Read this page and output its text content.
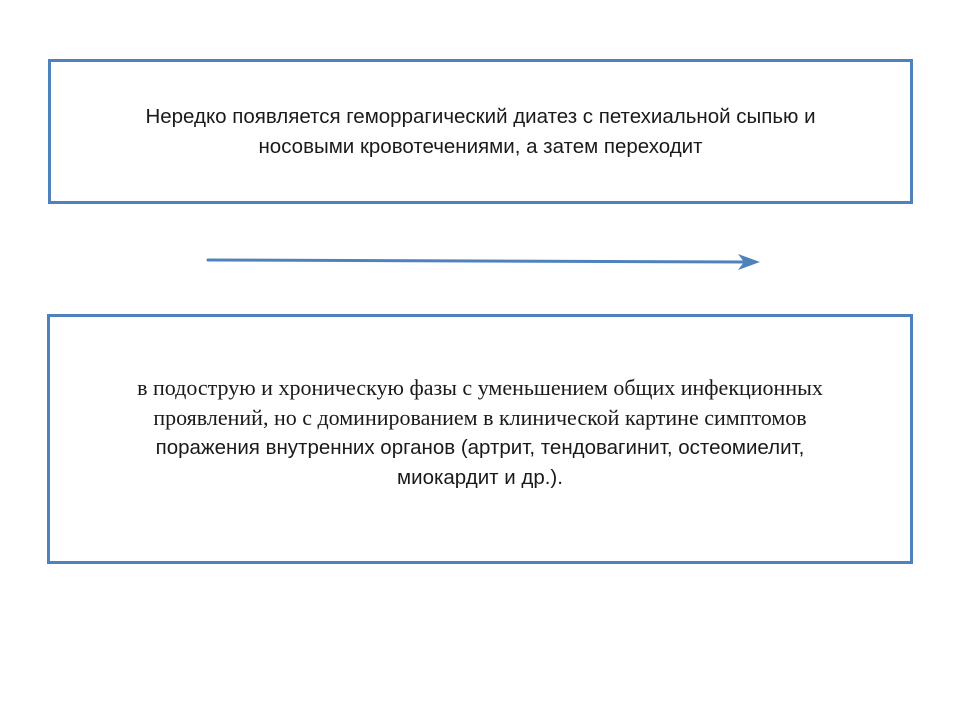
Нередко появляется геморрагический диатез с петехиальной сыпью и
носовыми кровотечениями, а затем переходит
в подострую и хроническую фазы с уменьшением общих инфекционных
проявлений, но с доминированием в клинической картине симптомов
поражения внутренних органов (артрит, тендовагинит, остеомиелит,
миокардит и др.).
